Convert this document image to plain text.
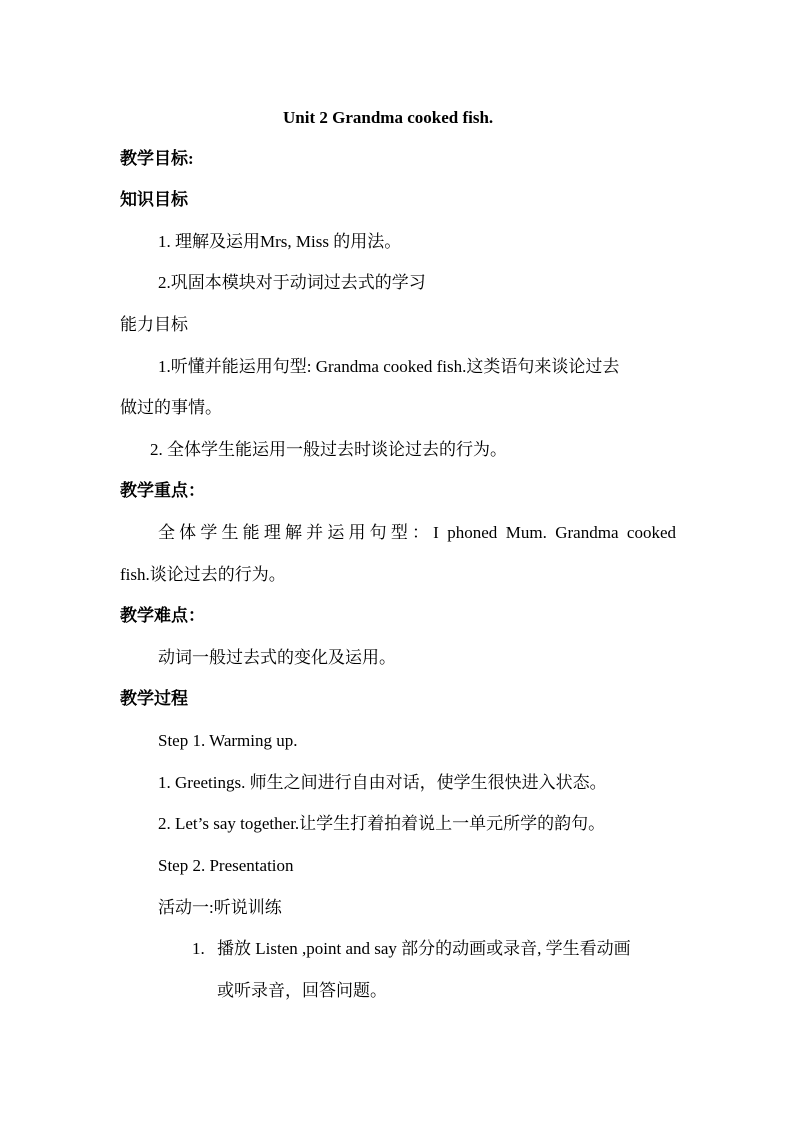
Unit 2 Grandma cooked fish.
教学目标:
知识目标
1. 理解及运用Mrs, Miss 的用法。
2.巩固本模块对于动词过去式的学习
能力目标
1.听懂并能运用句型: Grandma cooked fish.这类语句来谈论过去
做过的事情。
2. 全体学生能运用一般过去时谈论过去的行为。
教学重点：
全体学生能理解并运用句型：I phoned Mum. Grandma cooked
fish.谈论过去的行为。
教学难点：
动词一般过去式的变化及运用。
教学过程
Step 1. Warming up.
1. Greetings. 师生之间进行自由对话，使学生很快进入状态。
2. Let’s say together.让学生打着拍着说上一单元所学的韵句。
Step 2. Presentation
活动一:听说训练
1. 播放 Listen ,point and say 部分的动画或录音, 学生看动画
或听录音，回答问题。
